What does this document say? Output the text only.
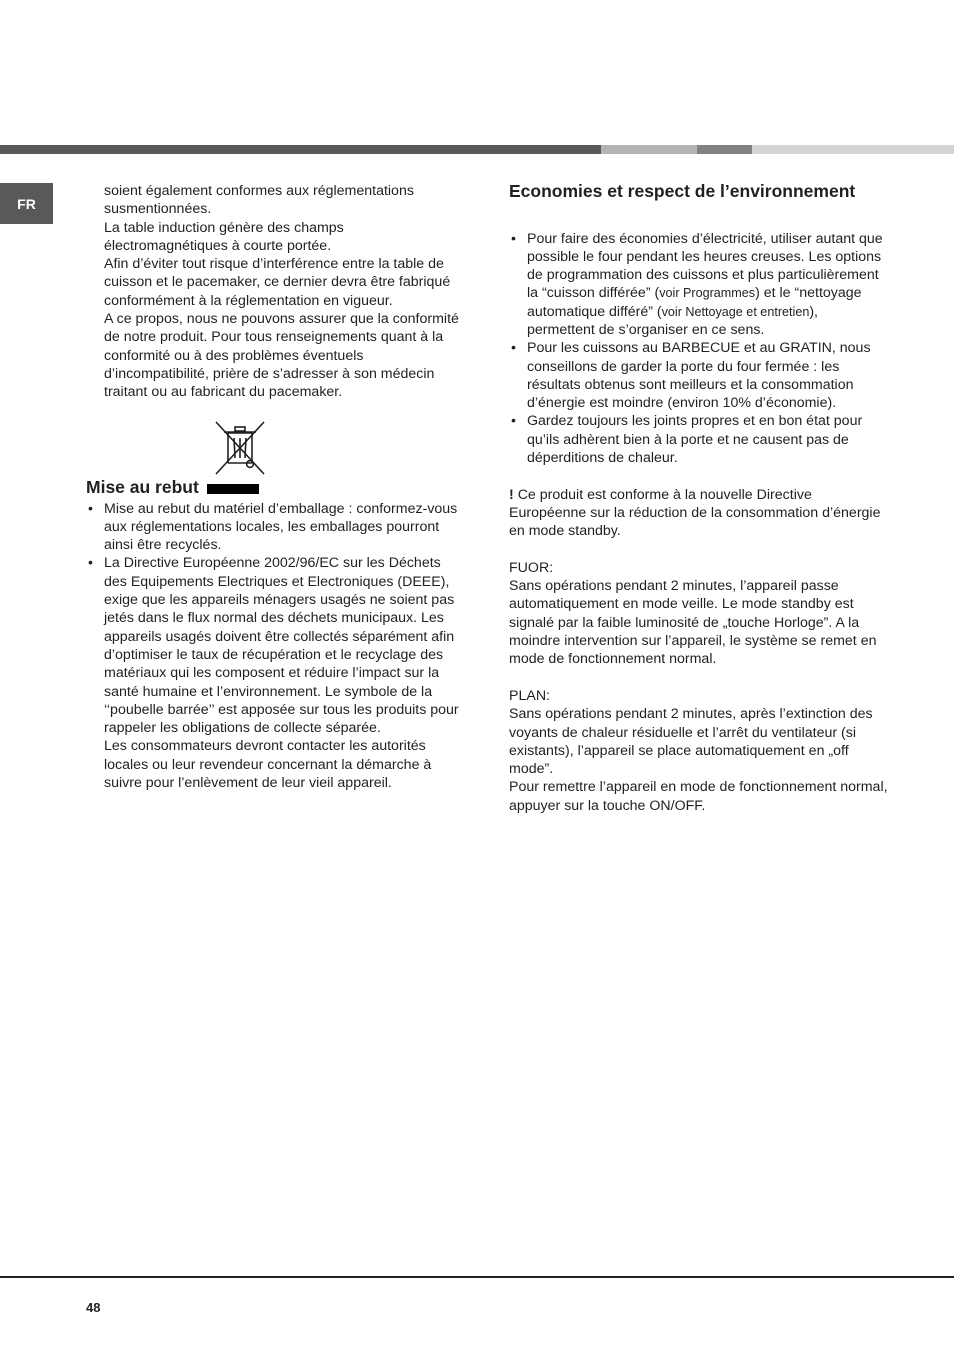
FR

soient également conformes aux réglementations susmentionnées.

La table induction génère des champs électromagnétiques à courte portée.

Afin d’éviter tout risque d’interférence entre la table de cuisson et le pacemaker, ce dernier devra être fabriqué conformément à la réglementation en vigueur.

A ce propos, nous ne pouvons assurer que la conformité de notre produit. Pour tous renseignements quant à la conformité ou à des problèmes éventuels d’incompatibilité, prière de s’adresser à son médecin traitant ou au fabricant du pacemaker.

Mise au rebut
• Mise au rebut du matériel d’emballage : conformez-vous aux réglementations locales, les emballages pourront ainsi être recyclés.
• La Directive Européenne 2002/96/EC sur les Déchets des Equipements Electriques et Electroniques (DEEE), exige que les appareils ménagers usagés ne soient pas jetés dans le flux normal des déchets municipaux. Les appareils usagés doivent être collectés séparément afin d’optimiser le taux de récupération et le recyclage des matériaux qui les composent et réduire l’impact sur la santé humaine et l’environnement. Le symbole de la ‘‘poubelle barrée’’ est apposée sur tous les produits pour rappeler les obligations de collecte séparée.

Les consommateurs devront contacter les autorités locales ou leur revendeur concernant la démarche à suivre pour l’enlèvement de leur vieil appareil.

Economies et respect de l’environnement
• Pour faire des économies d’électricité, utiliser autant que possible le four pendant les heures creuses. Les options de programmation des cuissons et plus particulièrement la “cuisson différée” (voir Programmes) et le “nettoyage automatique différé” (voir Nettoyage et entretien), permettent de s’organiser en ce sens.
• Pour les cuissons au BARBECUE et au GRATIN, nous conseillons de garder la porte du four fermée : les résultats obtenus sont meilleurs et la consommation d’énergie est moindre (environ 10% d’économie).
• Gardez toujours les joints propres et en bon état pour qu’ils adhèrent bien à la porte et ne causent pas de déperditions de chaleur.

! Ce produit est conforme à la nouvelle Directive Européenne sur la réduction de la consommation d’énergie en mode standby.

FUOR:

Sans opérations pendant 2 minutes, l’appareil passe automatiquement en mode veille. Le mode standby est signalé par la faible luminosité de „touche Horloge”. A la moindre intervention sur l’appareil, le système se remet en mode de fonctionnement normal.

PLAN:

Sans opérations pendant 2 minutes, après l’extinction des voyants de chaleur résiduelle et l’arrêt du ventilateur (si existants), l’appareil se place automatiquement en „off mode”.

Pour remettre l’appareil en mode de fonctionnement normal, appuyer sur la touche ON/OFF.

48
